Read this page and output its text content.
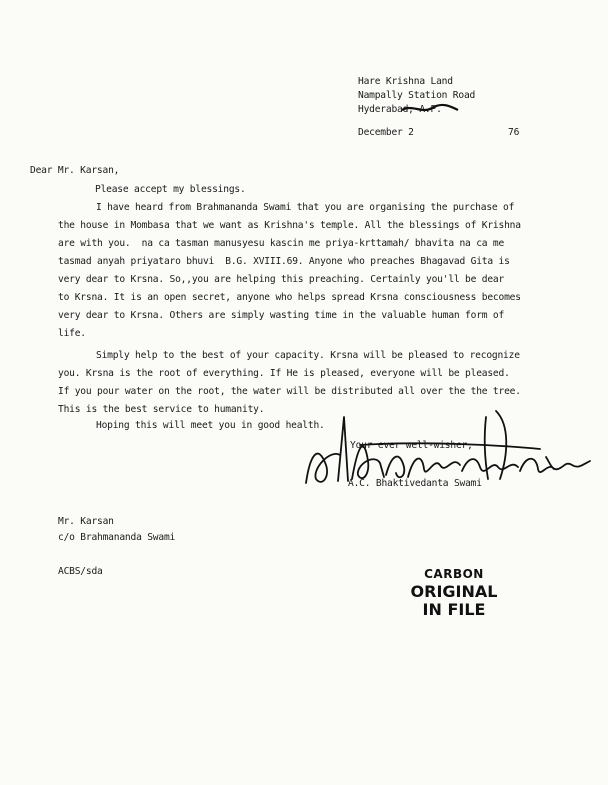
Hare Krishna Land
Nampally Station Road
Hyderabad, A.P.
December 2	76
Dear Mr. Karsan,
Please accept my blessings.
I have heard from Brahmananda Swami that you are organising the purchase of
the house in Mombasa that we want as Krishna's temple. All the blessings of Krishna
are with you.  na ca tasman manusyesu kascin me priya-krttamah/ bhavita na ca me
tasmad anyah priyataro bhuvi  B.G. XVIII.69. Anyone who preaches Bhagavad Gita is
very dear to Krsna. So,,you are helping this preaching. Certainly you'll be dear
to Krsna. It is an open secret, anyone who helps spread Krsna consciousness becomes
very dear to Krsna. Others are simply wasting time in the valuable human form of
life.
Simply help to the best of your capacity. Krsna will be pleased to recognize
you. Krsna is the root of everything. If He is pleased, everyone will be pleased.
If you pour water on the root, the water will be distributed all over the the tree.
This is the best service to humanity.
Hoping this will meet you in good health.
Your ever well-wisher,
A.C. Bhaktivedanta Swami
Mr. Karsan
c/o Brahmananda Swami
ACBS/sda	CARBON
ORIGINAL
IN FILE
